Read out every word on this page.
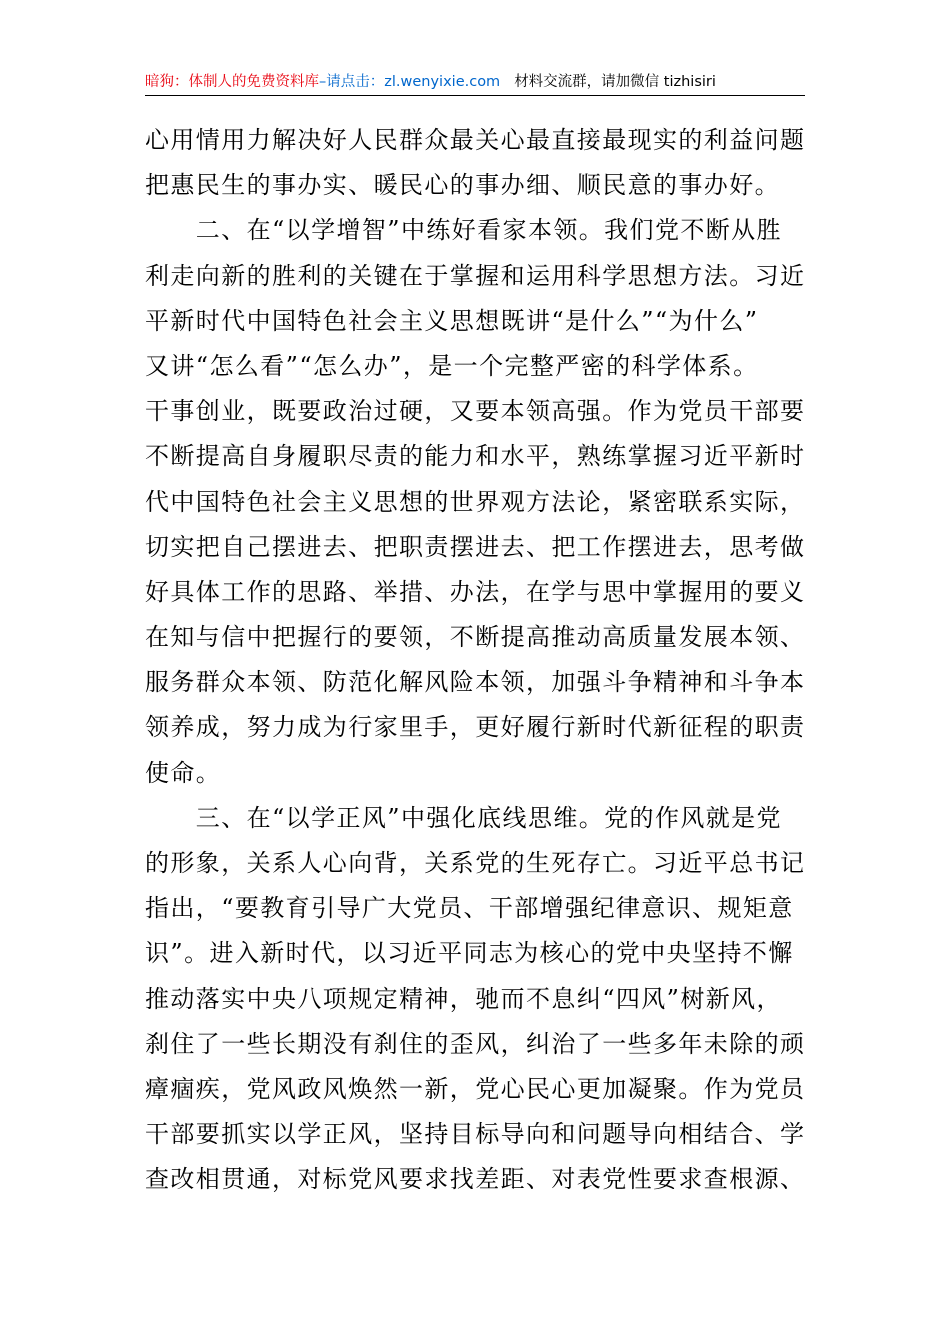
暗狗：体制人的免费资料库 –请点击： zl.wenyixie.com 材料交流群，请加微信 tizhisiri
心用情用力解决好人民群众最关心最直接最现实的利益问题
把惠民生的事办实、暖民心的事办细、顺民意的事办好。
　　二、在“以学增智”中练好看家本领。我们党不断从胜
利走向新的胜利的关键在于掌握和运用科学思想方法。习近
平新时代中国特色社会主义思想既讲“是什么”“为什么”
又讲“怎么看”“怎么办”，是一个完整严密的科学体系。
干事创业，既要政治过硬，又要本领高强。作为党员干部要
不断提高自身履职尽责的能力和水平，熟练掌握习近平新时
代中国特色社会主义思想的世界观方法论，紧密联系实际，
切实把自己摆进去、把职责摆进去、把工作摆进去，思考做
好具体工作的思路、举措、办法，在学与思中掌握用的要义
在知与信中把握行的要领，不断提高推动高质量发展本领、
服务群众本领、防范化解风险本领，加强斗争精神和斗争本
领养成，努力成为行家里手，更好履行新时代新征程的职责
使命。
　　三、在“以学正风”中强化底线思维。党的作风就是党
的形象，关系人心向背，关系党的生死存亡。习近平总书记
指出，“要教育引导广大党员、干部增强纪律意识、规矩意
识”。进入新时代，以习近平同志为核心的党中央坚持不懈
推动落实中央八项规定精神，驰而不息纠“四风”树新风，
刹住了一些长期没有刹住的歪风，纠治了一些多年未除的顽
瘴痼疾，党风政风焕然一新，党心民心更加凝聚。作为党员
干部要抓实以学正风，坚持目标导向和问题导向相结合、学
查改相贯通，对标党风要求找差距、对表党性要求查根源、
